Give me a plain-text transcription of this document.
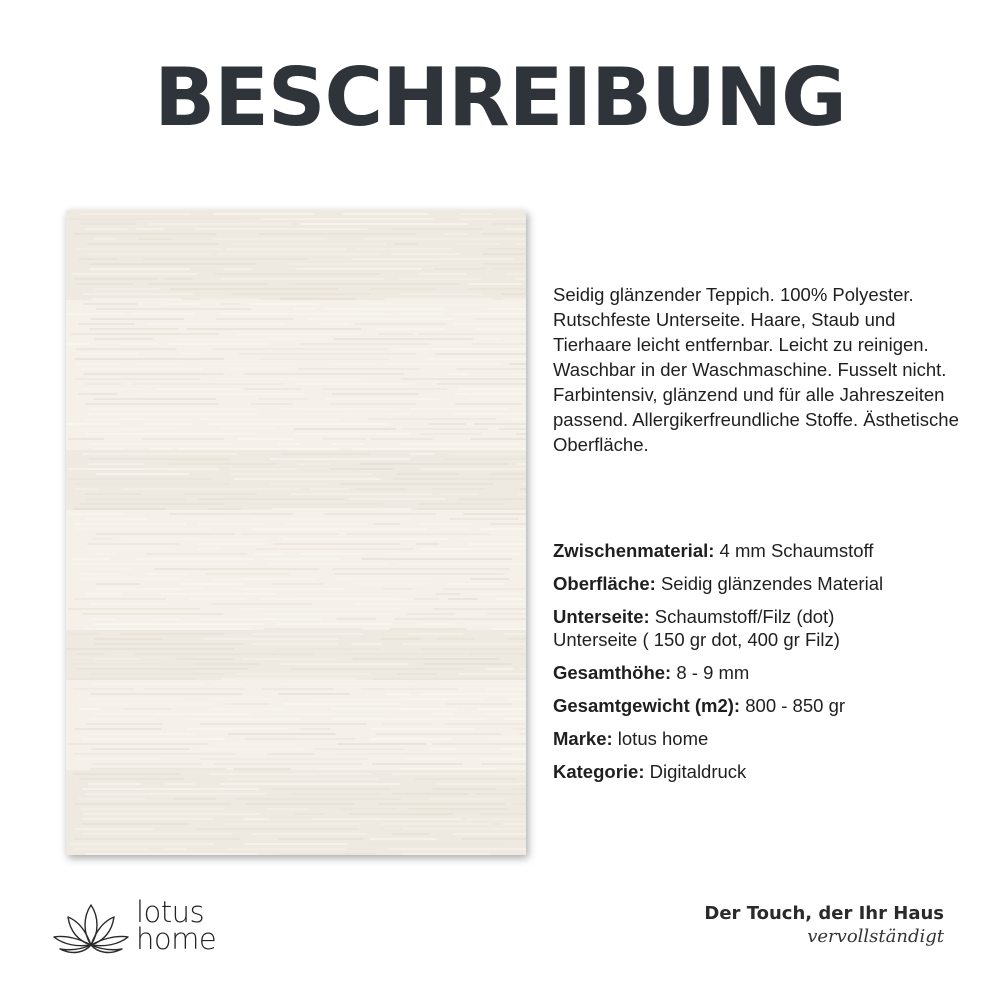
BESCHREIBUNG
Seidig glänzender Teppich. 100% Polyester. Rutschfeste Unterseite. Haare, Staub und Tierhaare leicht entfernbar. Leicht zu reinigen. Waschbar in der Waschmaschine. Fusselt nicht. Farbintensiv, glänzend und für alle Jahreszeiten passend. Allergikerfreundliche Stoffe. Ästhetische Oberfläche.
Zwischenmaterial: 4 mm Schaumstoff
Oberfläche: Seidig glänzendes Material
Unterseite: Schaumstoff/Filz (dot)
Unterseite ( 150 gr dot, 400 gr Filz)
Gesamthöhe: 8 - 9 mm
Gesamtgewicht (m2): 800 - 850 gr
Marke: lotus home
Kategorie: Digitaldruck
lotus
home
Der Touch, der Ihr Haus
vervollständigt
